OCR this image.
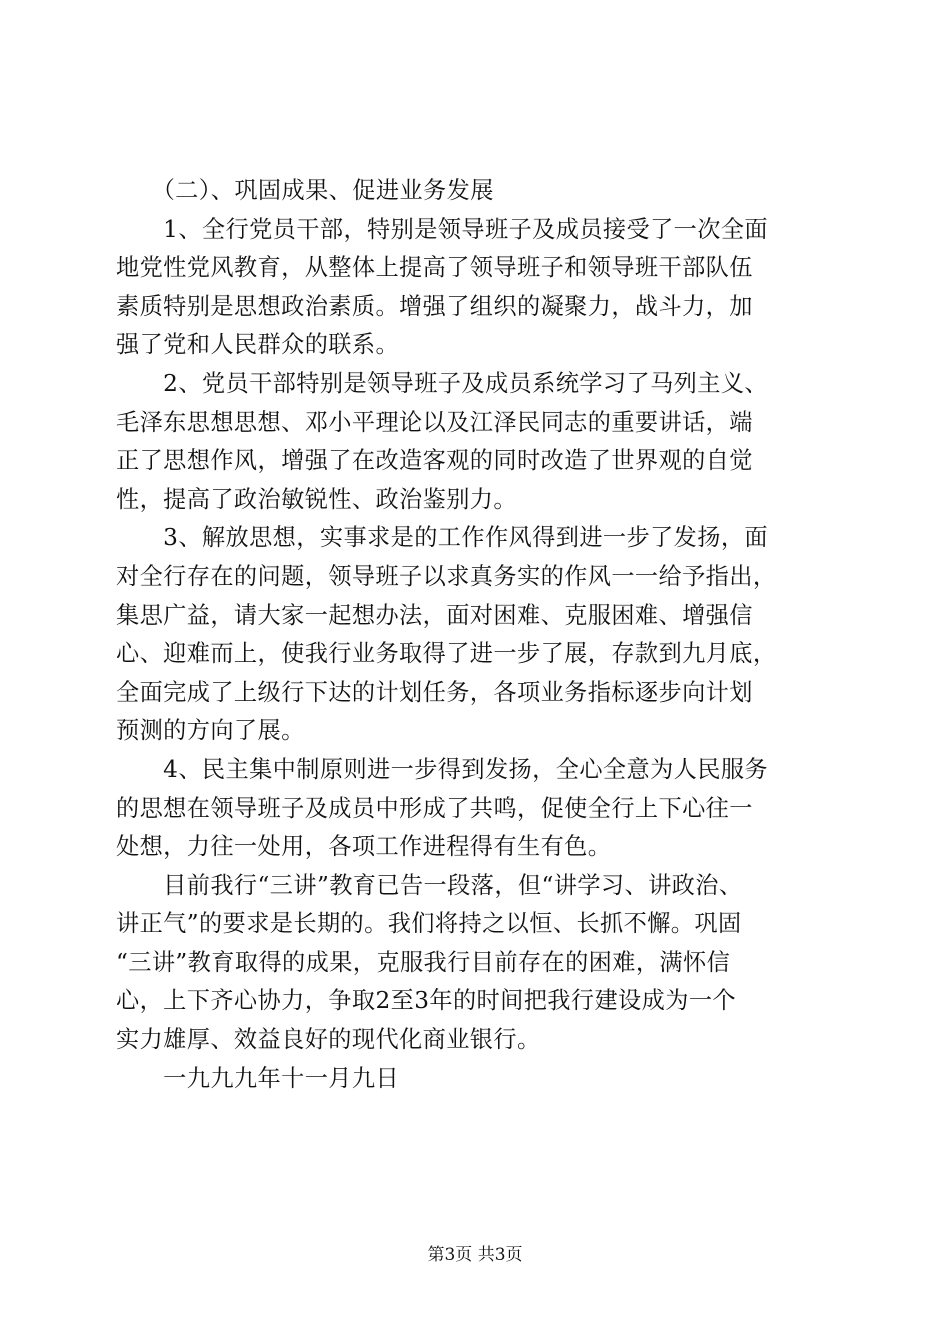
　　（二）、巩固成果、促进业务发展
　　1、全行党员干部，特别是领导班子及成员接受了一次全面
地党性党风教育，从整体上提高了领导班子和领导班干部队伍
素质特别是思想政治素质。增强了组织的凝聚力，战斗力，加
强了党和人民群众的联系。
　　2、党员干部特别是领导班子及成员系统学习了马列主义、
毛泽东思想思想、邓小平理论以及江泽民同志的重要讲话，端
正了思想作风，增强了在改造客观的同时改造了世界观的自觉
性，提高了政治敏锐性、政治鉴别力。
　　3、解放思想，实事求是的工作作风得到进一步了发扬，面
对全行存在的问题，领导班子以求真务实的作风一一给予指出，
集思广益，请大家一起想办法，面对困难、克服困难、增强信
心、迎难而上，使我行业务取得了进一步了展，存款到九月底，
全面完成了上级行下达的计划任务，各项业务指标逐步向计划
预测的方向了展。
　　4、民主集中制原则进一步得到发扬，全心全意为人民服务
的思想在领导班子及成员中形成了共鸣，促使全行上下心往一
处想，力往一处用，各项工作进程得有生有色。
　　目前我行“三讲”教育已告一段落，但“讲学习、讲政治、
讲正气”的要求是长期的。我们将持之以恒、长抓不懈。巩固
“三讲”教育取得的成果，克服我行目前存在的困难，满怀信
心，上下齐心协力，争取2至3年的时间把我行建设成为一个
实力雄厚、效益良好的现代化商业银行。
　　一九九九年十一月九日
第3页 共3页
